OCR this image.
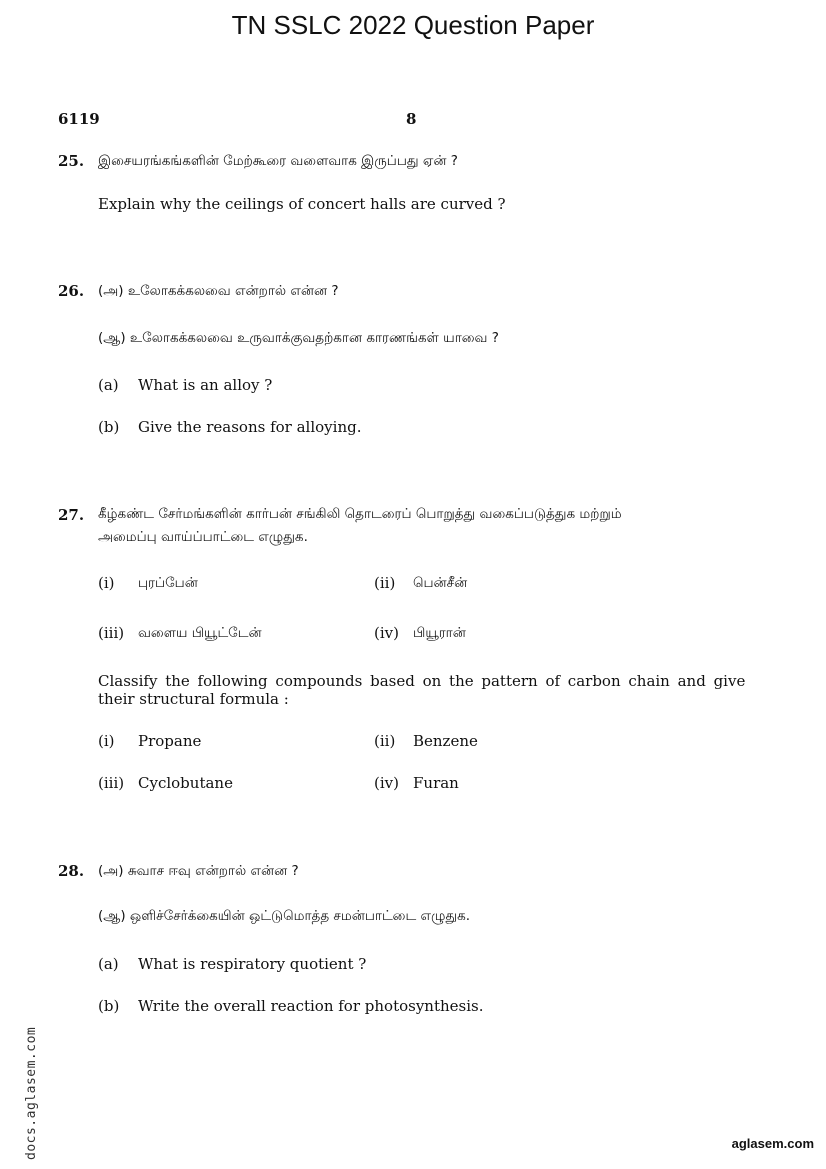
TN SSLC 2022 Question Paper
6119	8
25. இசையரங்கங்களின் மேற்கூரை வளைவாக இருப்பது ஏன் ?
Explain why the ceilings of concert halls are curved ?
26. (அ) உலோகக்கலவை என்றால் என்ன ?
(ஆ) உலோகக்கலவை உருவாக்குவதற்கான காரணங்கள் யாவை ?
(a) What is an alloy ?
(b) Give the reasons for alloying.
27. கீழ்கண்ட சேர்மங்களின் கார்பன் சங்கிலி தொடரைப் பொறுத்து வகைப்படுத்துக மற்றும்
அமைப்பு வாய்ப்பாட்டை எழுதுக.
(i) புரப்பேன்	(ii) பென்சீன்
(iii) வளைய பியூட்டேன்	(iv) பியூரான்
Classify the following compounds based on the pattern of carbon chain and give
their structural formula :
(i) Propane	(ii) Benzene
(iii) Cyclobutane	(iv) Furan
28. (அ) சுவாச ஈவு என்றால் என்ன ?
(ஆ) ஒளிச்சேர்க்கையின் ஒட்டுமொத்த சமன்பாட்டை எழுதுக.
(a) What is respiratory quotient ?
(b) Write the overall reaction for photosynthesis.
docs.aglasem.com	aglasem.com
